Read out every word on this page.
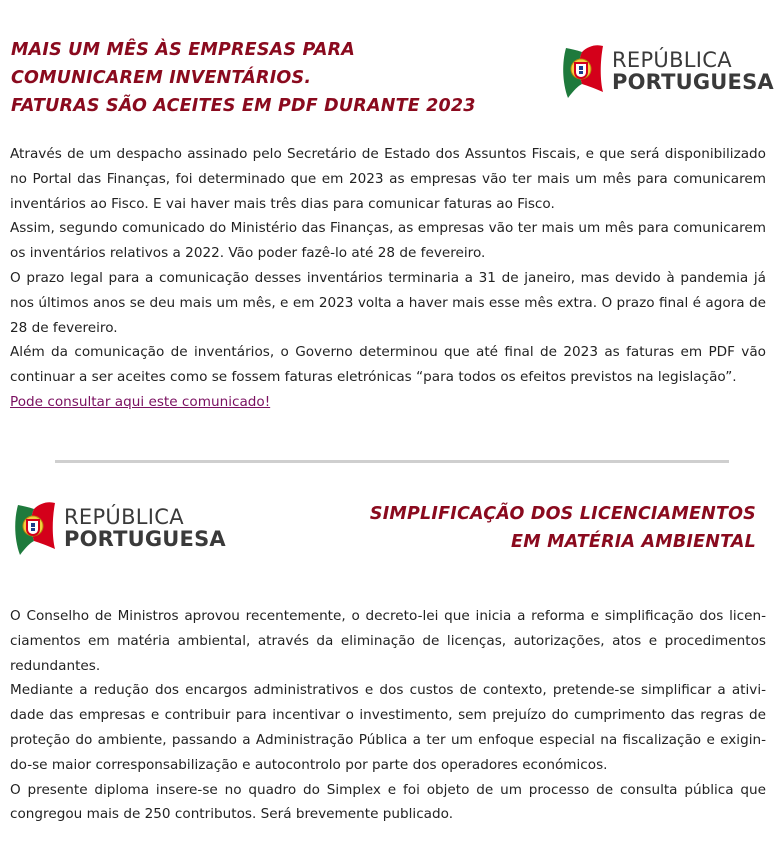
MAIS UM MÊS ÀS EMPRESAS PARA
COMUNICAREM INVENTÁRIOS.
FATURAS SÃO ACEITES EM PDF DURANTE 2023
REPÚBLICA
PORTUGUESA

Através de um despacho assinado pelo Secretário de Estado dos Assuntos Fiscais, e que será disponibilizado no Portal das Finanças, foi determinado que em 2023 as empresas vão ter mais um mês para comunicarem inventários ao Fisco. E vai haver mais três dias para comunicar faturas ao Fisco.

Assim, segundo comunicado do Ministério das Finanças, as empresas vão ter mais um mês para comunicarem os inventários relativos a 2022. Vão poder fazê-lo até 28 de fevereiro.

O prazo legal para a comunicação desses inventários terminaria a 31 de janeiro, mas devido à pandemia já nos últimos anos se deu mais um mês, e em 2023 volta a haver mais esse mês extra. O prazo final é agora de 28 de fevereiro.

Além da comunicação de inventários, o Governo determinou que até final de 2023 as faturas em PDF vão continuar a ser aceites como se fossem faturas eletrónicas “para todos os efeitos previstos na legislação”.

Pode consultar aqui este comunicado!

REPÚBLICA
PORTUGUESA
SIMPLIFICAÇÃO DOS LICENCIAMENTOS
EM MATÉRIA AMBIENTAL

O Conselho de Ministros aprovou recentemente, o decreto-lei que inicia a reforma e simplificação dos licenciamentos em matéria ambiental, através da eliminação de licenças, autorizações, atos e procedimentos redundantes.

Mediante a redução dos encargos administrativos e dos custos de contexto, pretende-se simplificar a atividade das empresas e contribuir para incentivar o investimento, sem prejuízo do cumprimento das regras de proteção do ambiente, passando a Administração Pública a ter um enfoque especial na fiscalização e exigindo-se maior corresponsabilização e autocontrolo por parte dos operadores económicos.

O presente diploma insere-se no quadro do Simplex e foi objeto de um processo de consulta pública que congregou mais de 250 contributos. Será brevemente publicado.
